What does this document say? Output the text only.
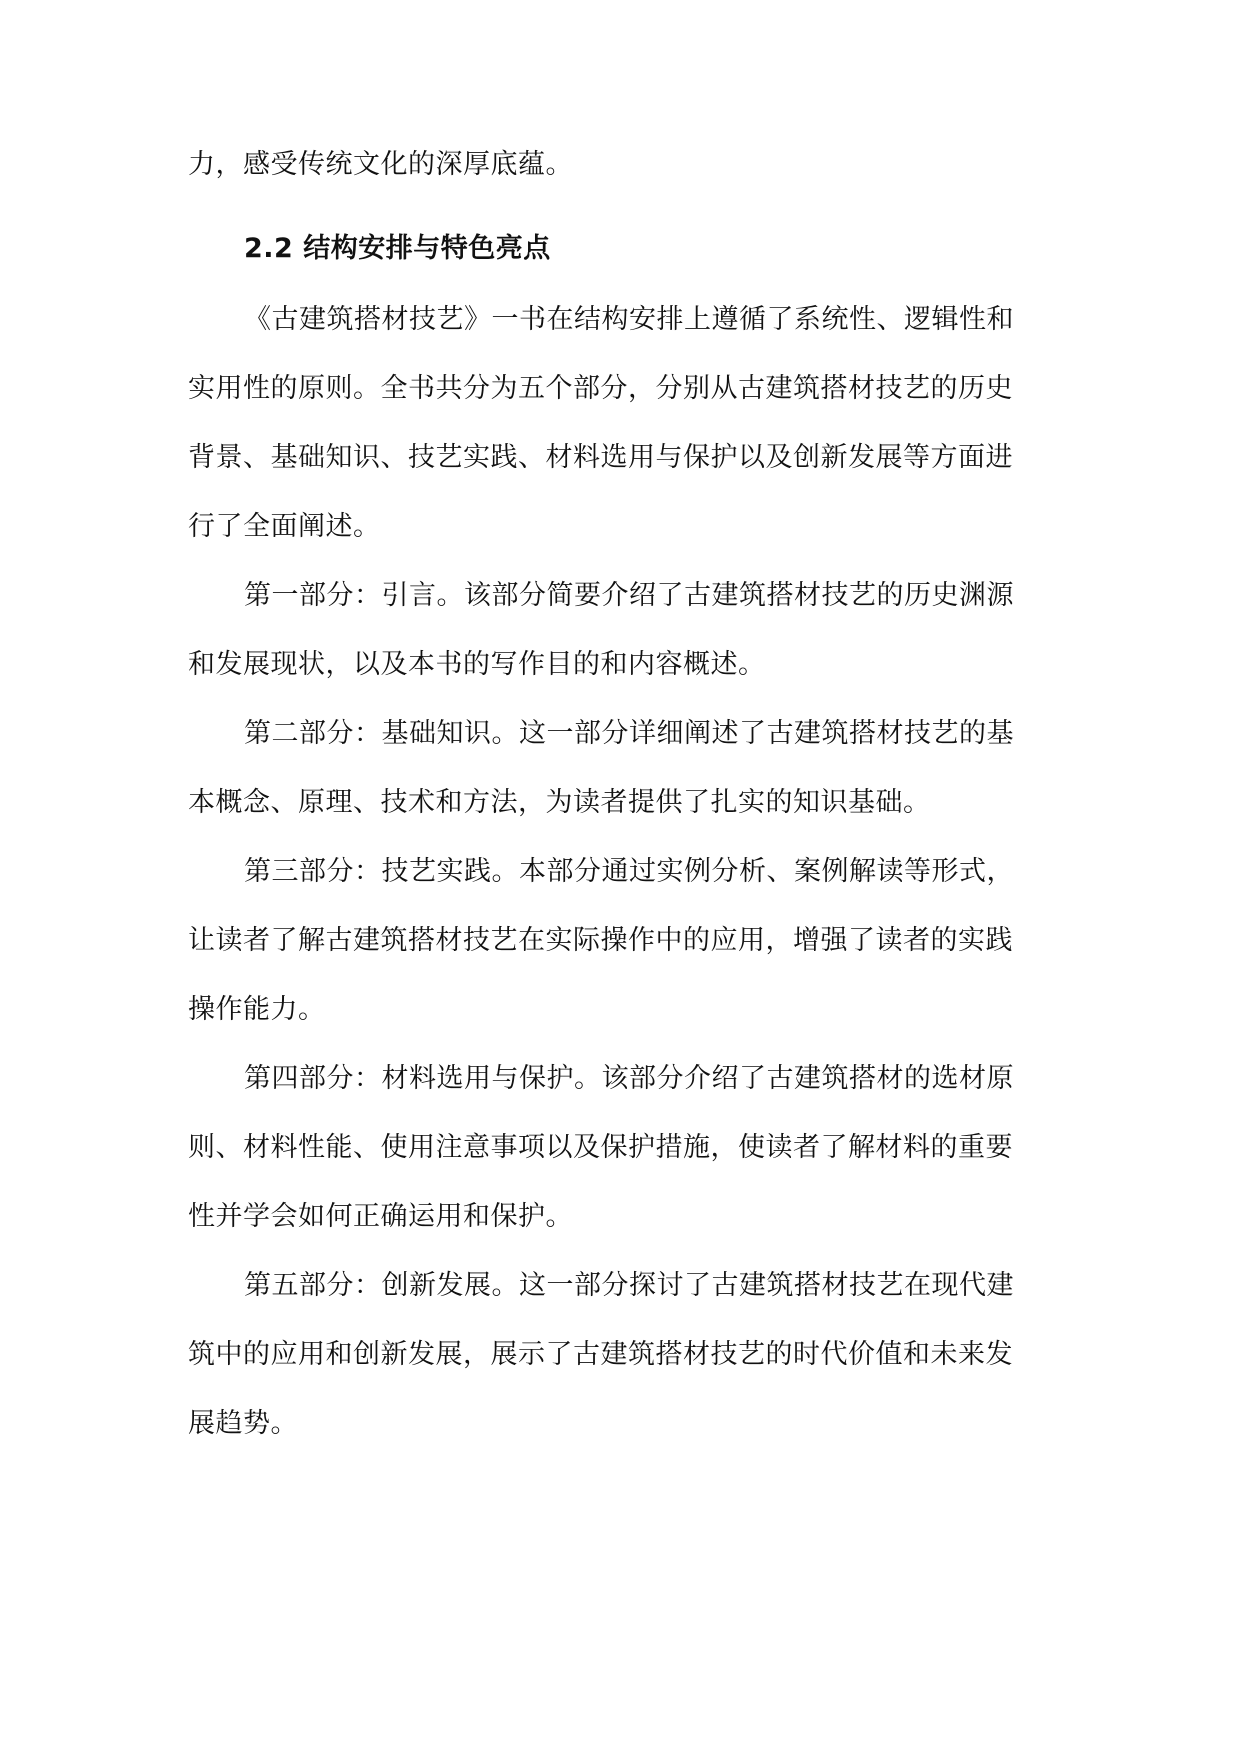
力，感受传统文化的深厚底蕴。
2.2 结构安排与特色亮点
《古建筑搭材技艺》一书在结构安排上遵循了系统性、逻辑性和
实用性的原则。全书共分为五个部分，分别从古建筑搭材技艺的历史
背景、基础知识、技艺实践、材料选用与保护以及创新发展等方面进
行了全面阐述。
第一部分：引言。该部分简要介绍了古建筑搭材技艺的历史渊源
和发展现状，以及本书的写作目的和内容概述。
第二部分：基础知识。这一部分详细阐述了古建筑搭材技艺的基
本概念、原理、技术和方法，为读者提供了扎实的知识基础。
第三部分：技艺实践。本部分通过实例分析、案例解读等形式，
让读者了解古建筑搭材技艺在实际操作中的应用，增强了读者的实践
操作能力。
第四部分：材料选用与保护。该部分介绍了古建筑搭材的选材原
则、材料性能、使用注意事项以及保护措施，使读者了解材料的重要
性并学会如何正确运用和保护。
第五部分：创新发展。这一部分探讨了古建筑搭材技艺在现代建
筑中的应用和创新发展，展示了古建筑搭材技艺的时代价值和未来发
展趋势。
